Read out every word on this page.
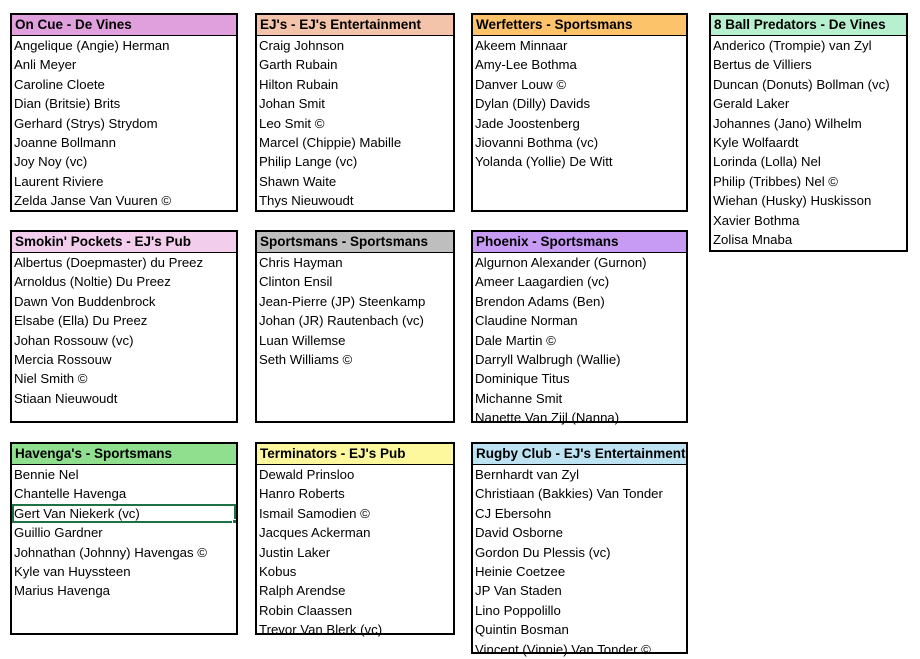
On Cue - De Vines
Angelique (Angie) Herman
Anli Meyer
Caroline Cloete
Dian (Britsie) Brits
Gerhard (Strys) Strydom
Joanne Bollmann
Joy Noy (vc)
Laurent Riviere
Zelda Janse Van Vuuren ©
EJ's - EJ's Entertainment
Craig Johnson
Garth Rubain
Hilton Rubain
Johan Smit
Leo Smit ©
Marcel (Chippie) Mabille
Philip Lange (vc)
Shawn Waite
Thys Nieuwoudt
Werfetters - Sportsmans
Akeem Minnaar
Amy-Lee Bothma
Danver Louw ©
Dylan (Dilly) Davids
Jade Joostenberg
Jiovanni Bothma (vc)
Yolanda (Yollie) De Witt
8 Ball Predators - De Vines
Anderico (Trompie) van Zyl
Bertus de Villiers
Duncan (Donuts) Bollman (vc)
Gerald Laker
Johannes (Jano) Wilhelm
Kyle Wolfaardt
Lorinda (Lolla) Nel
Philip (Tribbes) Nel ©
Wiehan (Husky) Huskisson
Xavier Bothma
Zolisa Mnaba
Smokin' Pockets - EJ's Pub
Albertus (Doepmaster) du Preez
Arnoldus (Noltie) Du Preez
Dawn Von Buddenbrock
Elsabe (Ella) Du Preez
Johan Rossouw (vc)
Mercia Rossouw
Niel Smith ©
Stiaan Nieuwoudt
Sportsmans - Sportsmans
Chris Hayman
Clinton Ensil
Jean-Pierre (JP) Steenkamp
Johan (JR) Rautenbach (vc)
Luan Willemse
Seth Williams ©
Phoenix - Sportsmans
Algurnon Alexander (Gurnon)
Ameer Laagardien (vc)
Brendon Adams (Ben)
Claudine Norman
Dale Martin ©
Darryll Walbrugh (Wallie)
Dominique Titus
Michanne Smit
Nanette Van Zijl (Nanna)
Havenga's - Sportsmans
Bennie Nel
Chantelle Havenga
Gert Van Niekerk (vc)
Guillio Gardner
Johnathan (Johnny) Havengas ©
Kyle van Huyssteen
Marius Havenga
Terminators - EJ's Pub
Dewald Prinsloo
Hanro Roberts
Ismail Samodien ©
Jacques Ackerman
Justin Laker
Kobus
Ralph Arendse
Robin Claassen
Trevor Van Blerk (vc)
Rugby Club - EJ's Entertainment
Bernhardt van Zyl
Christiaan (Bakkies) Van Tonder
CJ Ebersohn
David Osborne
Gordon Du Plessis (vc)
Heinie Coetzee
JP Van Staden
Lino Poppolillo
Quintin Bosman
Vincent (Vinnie) Van Tonder ©
